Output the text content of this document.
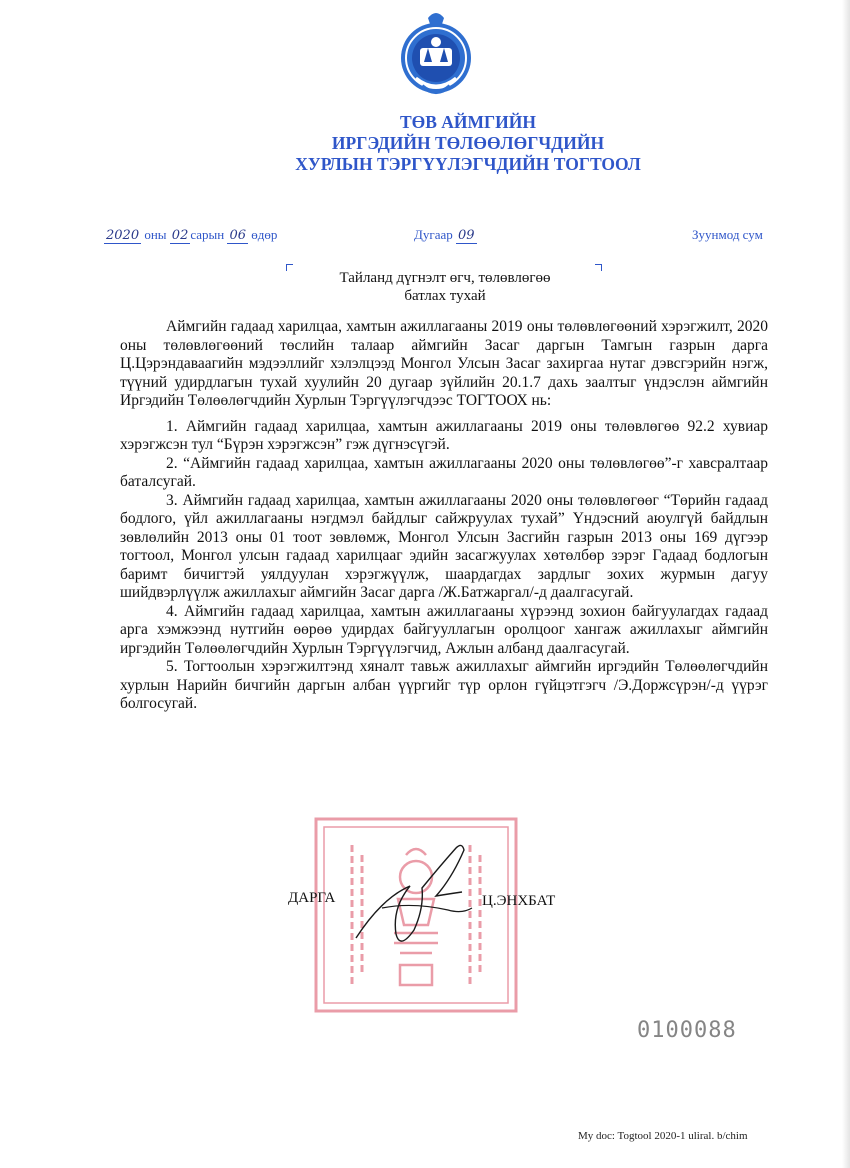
ТӨВ АЙМГИЙН
ИРГЭДИЙН ТӨЛӨӨЛӨГЧДИЙН
ХУРЛЫН ТЭРГҮҮЛЭГЧДИЙН ТОГТООЛ
2020 оны 02 сарын 06 өдөр	Дугаар 09	Зуунмод сум
Тайланд дүгнэлт өгч, төлөвлөгөө
батлах тухай

Аймгийн гадаад харилцаа, хамтын ажиллагааны 2019 оны төлөвлөгөөний хэрэгжилт, 2020 оны төлөвлөгөөний төслийн талаар аймгийн Засаг даргын Тамгын газрын дарга Ц.Цэрэндаваагийн мэдээллийг хэлэлцээд Монгол Улсын Засаг захиргаа нутаг дэвсгэрийн нэгж, түүний удирдлагын тухай хуулийн 20 дугаар зүйлийн 20.1.7 дахь заалтыг үндэслэн аймгийн Иргэдийн Төлөөлөгчдийн Хурлын Тэргүүлэгчдээс ТОГТООХ нь:

1. Аймгийн гадаад харилцаа, хамтын ажиллагааны 2019 оны төлөвлөгөө 92.2 хувиар хэрэгжсэн тул “Бүрэн хэрэгжсэн” гэж дүгнэсүгэй.

2. “Аймгийн гадаад харилцаа, хамтын ажиллагааны 2020 оны төлөвлөгөө”-г хавсралтаар баталсугай.

3. Аймгийн гадаад харилцаа, хамтын ажиллагааны 2020 оны төлөвлөгөөг “Төрийн гадаад бодлого, үйл ажиллагааны нэгдмэл байдлыг сайжруулах тухай” Үндэсний аюулгүй байдлын зөвлөлийн 2013 оны 01 тоот зөвлөмж, Монгол Улсын Засгийн газрын 2013 оны 169 дүгээр тогтоол, Монгол улсын гадаад харилцааг эдийн засагжуулах хөтөлбөр зэрэг Гадаад бодлогын баримт бичигтэй уялдуулан хэрэгжүүлж, шаардагдах зардлыг зохих журмын дагуу шийдвэрлүүлж ажиллахыг аймгийн Засаг дарга /Ж.Батжаргал/-д даалгасугай.

4. Аймгийн гадаад харилцаа, хамтын ажиллагааны хүрээнд зохион байгуулагдах гадаад арга хэмжээнд нутгийн өөрөө удирдах байгууллагын оролцоог хангаж ажиллахыг аймгийн иргэдийн Төлөөлөгчдийн Хурлын Тэргүүлэгчид, Ажлын албанд даалгасугай.

5. Тогтоолын хэрэгжилтэнд хяналт тавьж ажиллахыг аймгийн иргэдийн Төлөөлөгчдийн хурлын Нарийн бичгийн даргын албан үүргийг түр орлон гүйцэтгэгч /Э.Доржсүрэн/-д үүрэг болгосугай.

ДАРГА	Ц.ЭНХБАТ
0100088
My doc: Togtool 2020-1 uliral. b/chim
